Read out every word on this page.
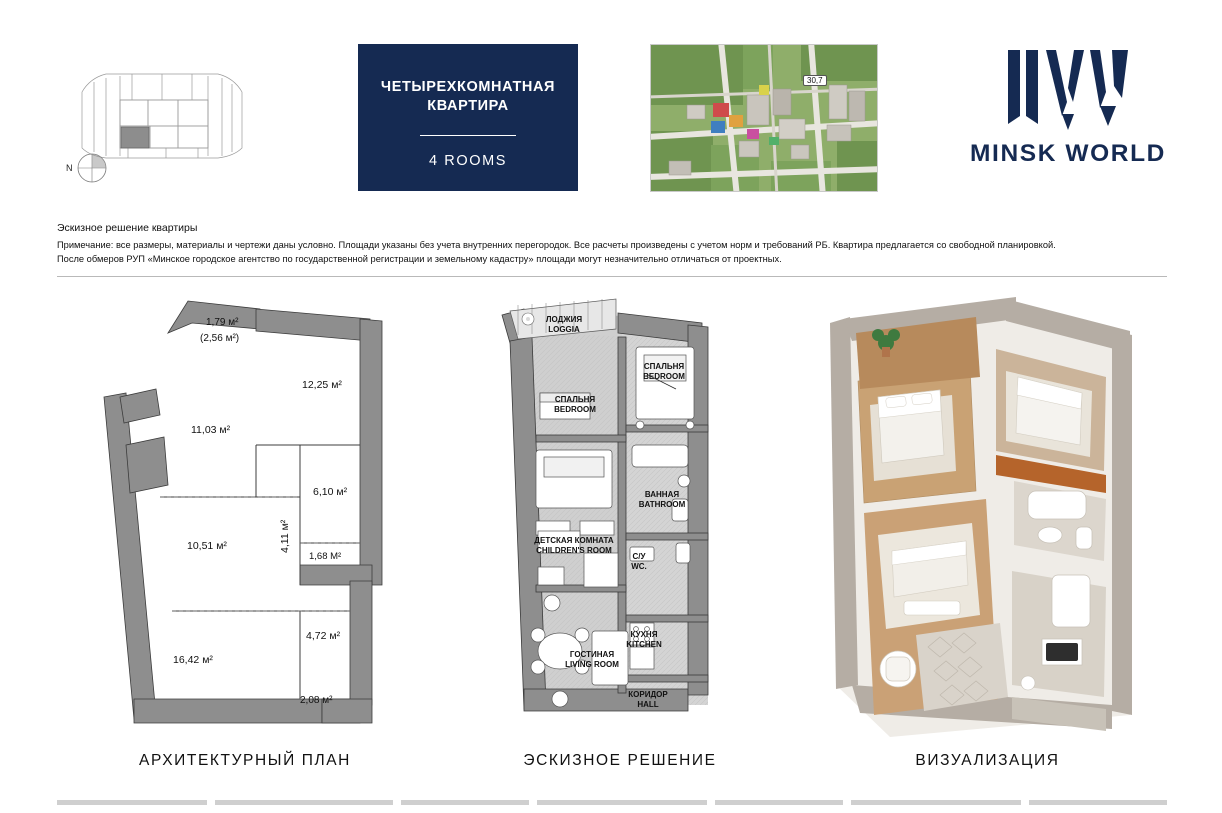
N
ЧЕТЫРЕХКОМНАТНАЯ
КВАРТИРА
4 ROOMS
30,7
MINSK WORLD
Эскизное решение квартиры
Примечание: все размеры, материалы и чертежи даны условно. Площади указаны без учета внутренних перегородок. Все расчеты произведены с учетом норм и требований РБ. Квартира предлагается со свободной планировкой.
После обмеров РУП «Минское городское агентство по государственной регистрации и земельному кадастру» площади могут незначительно отличаться от проектных.
1,79 м²
(2,56 м²)
11,03 м²
12,25 м²
10,51 м²
6,10 м²
1,68 М²
16,42 м²
4,72 м²
2,08 м²
4,11 м²
АРХИТЕКТУРНЫЙ ПЛАН
ЛОДЖИЯ
LOGGIA
СПАЛЬНЯ
BEDROOM
СПАЛЬНЯ
BEDROOM
ВАННАЯ
BATHROOM
ДЕТСКАЯ КОМНАТА
CHILDREN'S ROOM
С/У
WC.
ГОСТИНАЯ
LIVING ROOM
КУХНЯ
KITCHEN
КОРИДОР
HALL
ЭСКИЗНОЕ РЕШЕНИЕ	ВИЗУАЛИЗАЦИЯ
